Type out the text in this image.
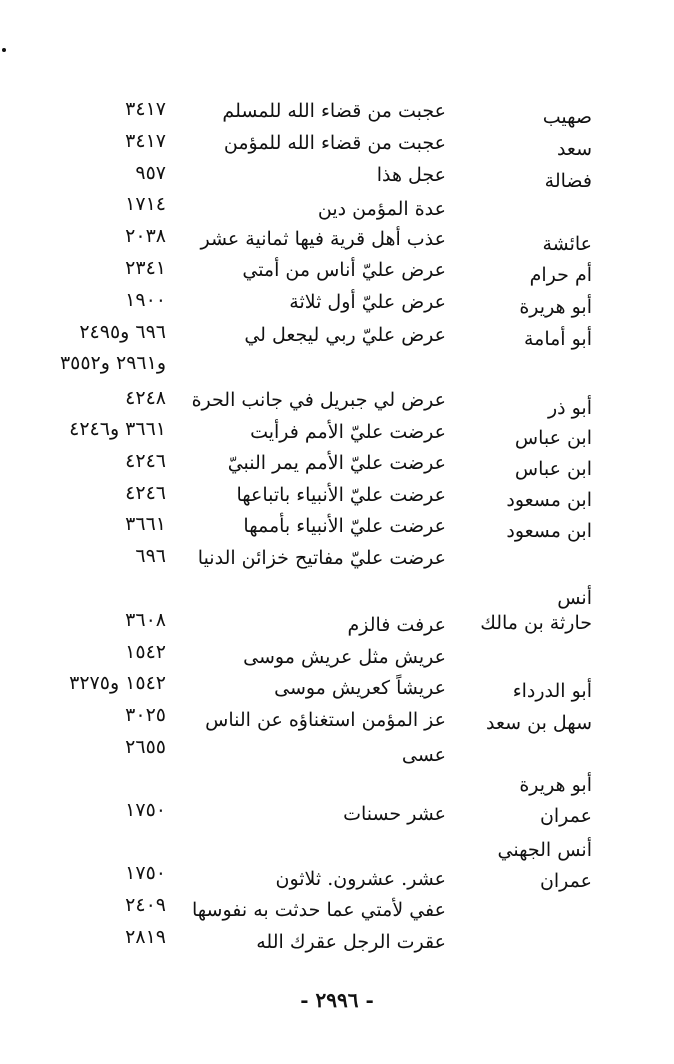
صهيب
عجبت من قضاء الله للمسلم
٣٤١٧
سعد
عجبت من قضاء الله للمؤمن
٣٤١٧
فضالة
عجل هذا
٩٥٧
عدة المؤمن دين
١٧١٤
عائشة
عذب أهل قرية فيها ثمانية عشر
٢٠٣٨
أم حرام
عرض عليّ أناس من أمتي
٢٣٤١
أبو هريرة
عرض عليّ أول ثلاثة
١٩٠٠
أبو أمامة
عرض عليّ ربي ليجعل لي
٦٩٦ و٢٤٩٥
و٢٩٦١ و٣٥٥٢
أبو ذر
عرض لي جبريل في جانب الحرة
٤٢٤٨
ابن عباس
عرضت عليّ الأمم فرأيت
٣٦٦١ و٤٢٤٦
ابن عباس
عرضت عليّ الأمم يمر النبيّ
٤٢٤٦
ابن مسعود
عرضت عليّ الأنبياء باتباعها
٤٢٤٦
ابن مسعود
عرضت عليّ الأنبياء بأممها
٣٦٦١
عرضت عليّ مفاتيح خزائن الدنيا
٦٩٦
أنس
حارثة بن مالك
عرفت فالزم
٣٦٠٨
عريش مثل عريش موسى
١٥٤٢
أبو الدرداء
عريشاً كعريش موسى
١٥٤٢ و٣٢٧٥
سهل بن سعد
عز المؤمن استغناؤه عن الناس
٣٠٢٥
عسى
٢٦٥٥
أبو هريرة
عمران
عشر حسنات
١٧٥٠
أنس الجهني
عمران
عشر. عشرون. ثلاثون
١٧٥٠
عفي لأمتي عما حدثت به نفوسها
٢٤٠٩
عقرت الرجل عقرك الله
٢٨١٩
- ٢٩٩٦ -
